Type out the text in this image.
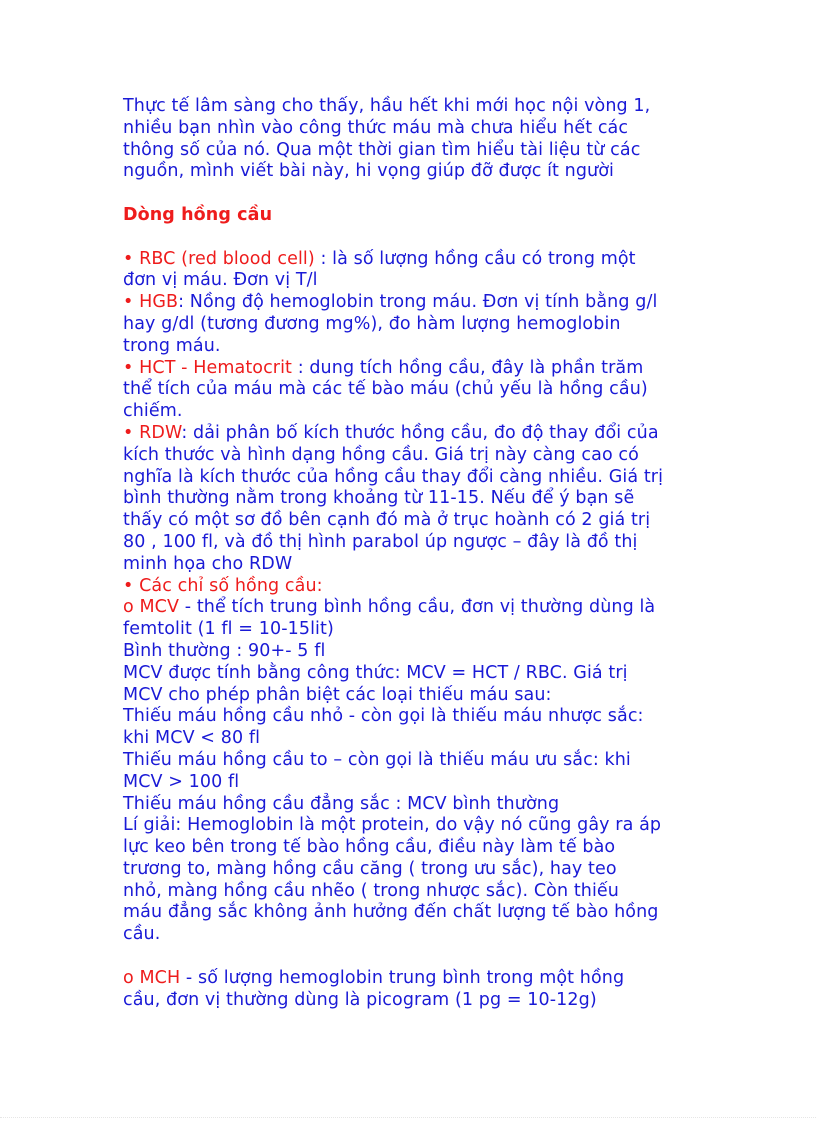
Thực tế lâm sàng cho thấy, hầu hết khi mới học nội vòng 1,
nhiều bạn nhìn vào công thức máu mà chưa hiểu hết các
thông số của nó. Qua một thời gian tìm hiểu tài liệu từ các
nguồn, mình viết bài này, hi vọng giúp đỡ được ít người
Dòng hồng cầu
• RBC (red blood cell) : là số lượng hồng cầu có trong một
đơn vị máu. Đơn vị T/l
• HGB: Nồng độ hemoglobin trong máu. Đơn vị tính bằng g/l
hay g/dl (tương đương mg%), đo hàm lượng hemoglobin
trong máu.
• HCT - Hematocrit : dung tích hồng cầu, đây là phần trăm
thể tích của máu mà các tế bào máu (chủ yếu là hồng cầu)
chiếm.
• RDW: dải phân bố kích thước hồng cầu, đo độ thay đổi của
kích thước và hình dạng hồng cầu. Giá trị này càng cao có
nghĩa là kích thước của hồng cầu thay đổi càng nhiều. Giá trị
bình thường nằm trong khoảng từ 11-15. Nếu để ý bạn sẽ
thấy có một sơ đồ bên cạnh đó mà ở trục hoành có 2 giá trị
80 , 100 fl, và đồ thị hình parabol úp ngược – đây là đồ thị
minh họa cho RDW
• Các chỉ số hồng cầu:
o MCV - thể tích trung bình hồng cầu, đơn vị thường dùng là
femtolit (1 fl = 10-15lit)
Bình thường : 90+- 5 fl
MCV được tính bằng công thức: MCV = HCT / RBC. Giá trị
MCV cho phép phân biệt các loại thiếu máu sau:
Thiếu máu hồng cầu nhỏ - còn gọi là thiếu máu nhược sắc:
khi MCV < 80 fl
Thiếu máu hồng cầu to – còn gọi là thiếu máu ưu sắc: khi
MCV > 100 fl
Thiếu máu hồng cầu đẳng sắc : MCV bình thường
Lí giải: Hemoglobin là một protein, do vậy nó cũng gây ra áp
lực keo bên trong tế bào hồng cầu, điều này làm tế bào
trương to, màng hồng cầu căng ( trong ưu sắc), hay teo
nhỏ, màng hồng cầu nhẽo ( trong nhược sắc). Còn thiếu
máu đẳng sắc không ảnh hưởng đến chất lượng tế bào hồng
cầu.
o MCH - số lượng hemoglobin trung bình trong một hồng
cầu, đơn vị thường dùng là picogram (1 pg = 10-12g)
